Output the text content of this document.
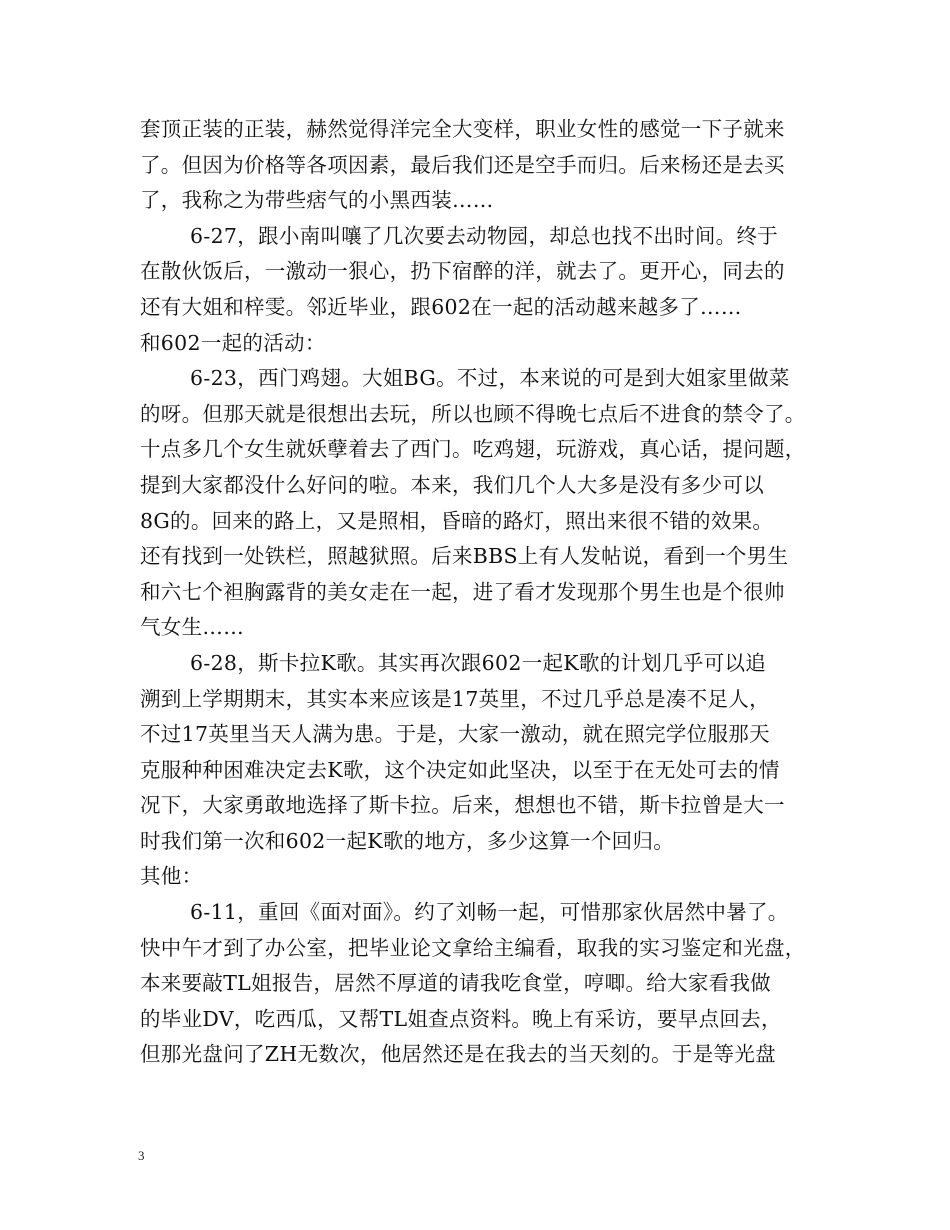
套顶正装的正装，赫然觉得洋完全大变样，职业女性的感觉一下子就来
了。但因为价格等各项因素，最后我们还是空手而归。后来杨还是去买
了，我称之为带些痞气的小黑西装……
6-27，跟小南叫嚷了几次要去动物园，却总也找不出时间。终于
在散伙饭后，一激动一狠心，扔下宿醉的洋，就去了。更开心，同去的
还有大姐和梓雯。邻近毕业，跟602在一起的活动越来越多了……
和602一起的活动：
6-23，西门鸡翅。大姐BG。不过，本来说的可是到大姐家里做菜
的呀。但那天就是很想出去玩，所以也顾不得晚七点后不进食的禁令了。
十点多几个女生就妖孽着去了西门。吃鸡翅，玩游戏，真心话，提问题，
提到大家都没什么好问的啦。本来，我们几个人大多是没有多少可以
8G的。回来的路上，又是照相，昏暗的路灯，照出来很不错的效果。
还有找到一处铁栏，照越狱照。后来BBS上有人发帖说，看到一个男生
和六七个袒胸露背的美女走在一起，进了看才发现那个男生也是个很帅
气女生……
6-28，斯卡拉K歌。其实再次跟602一起K歌的计划几乎可以追
溯到上学期期末，其实本来应该是17英里，不过几乎总是凑不足人，
不过17英里当天人满为患。于是，大家一激动，就在照完学位服那天
克服种种困难决定去K歌，这个决定如此坚决，以至于在无处可去的情
况下，大家勇敢地选择了斯卡拉。后来，想想也不错，斯卡拉曾是大一
时我们第一次和602一起K歌的地方，多少这算一个回归。
其他：
6-11，重回《面对面》。约了刘畅一起，可惜那家伙居然中暑了。
快中午才到了办公室，把毕业论文拿给主编看，取我的实习鉴定和光盘，
本来要敲TL姐报告，居然不厚道的请我吃食堂，哼唧。给大家看我做
的毕业DV，吃西瓜，又帮TL姐查点资料。晚上有采访，要早点回去，
但那光盘问了ZH无数次，他居然还是在我去的当天刻的。于是等光盘
3
